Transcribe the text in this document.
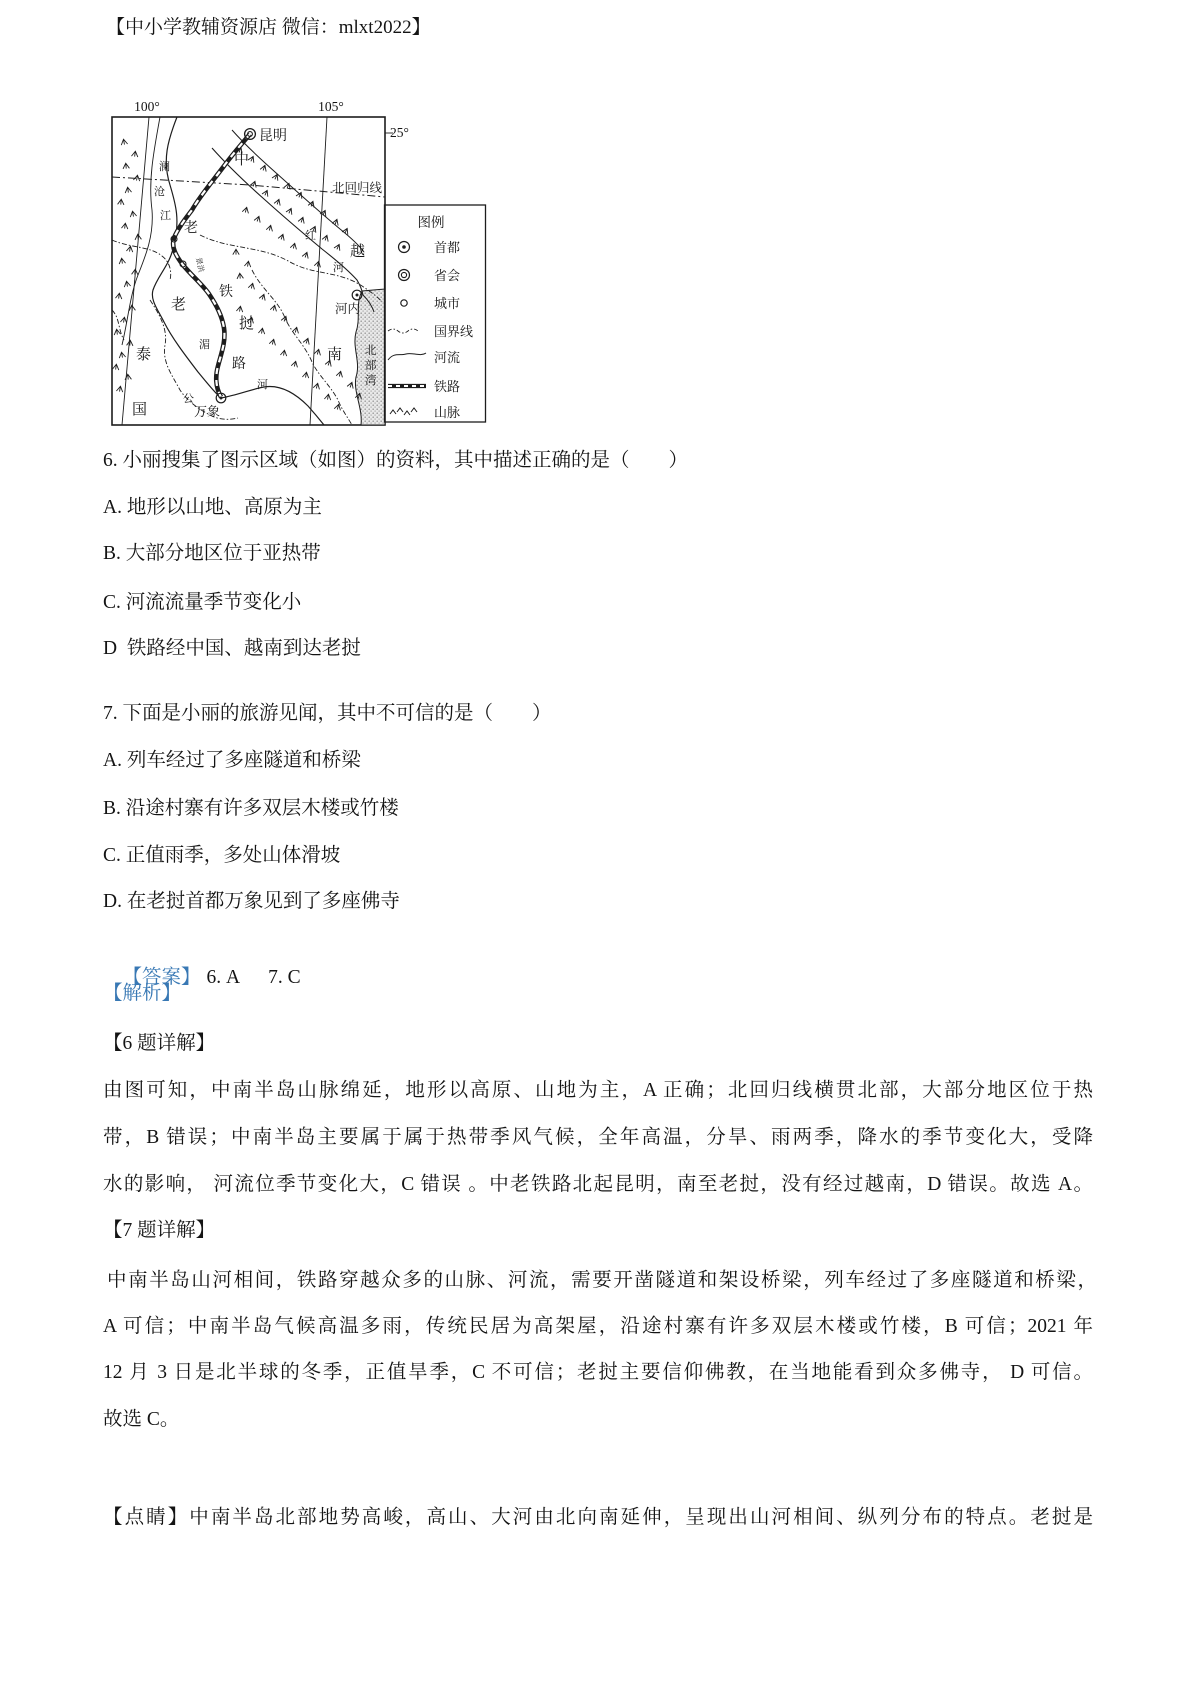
【中小学教辅资源店 微信：mlxt2022】
100°	105°
25°
昆明
中
北回归线
澜
沧
江
老
铁
路
红
河
越
南
河内
老
挝
泰
国
湄
公
河
景洪
万象
北
部
湾
图例
首都
省会
城市
国界线
河流
铁路
山脉
6. 小丽搜集了图示区域（如图）的资料，其中描述正确的是（　　）
A. 地形以山地、高原为主
B. 大部分地区位于亚热带
C. 河流流量季节变化小
D  铁路经中国、越南到达老挝
7. 下面是小丽的旅游见闻，其中不可信的是（　　）
A. 列车经过了多座隧道和桥梁
B. 沿途村寨有许多双层木楼或竹楼
C. 正值雨季，多处山体滑坡
D. 在老挝首都万象见到了多座佛寺

【答案】 6. A 7. C

【解析】
【6 题详解】
由图可知，中南半岛山脉绵延，地形以高原、山地为主，A 正确；北回归线横贯北部，大部分地区位于热
带，B 错误；中南半岛主要属于属于热带季风气候，全年高温，分旱、雨两季，降水的季节变化大，受降
水的影响， 河流位季节变化大，C 错误 。中老铁路北起昆明，南至老挝，没有经过越南，D 错误。故选 A。
【7 题详解】
中南半岛山河相间，铁路穿越众多的山脉、河流，需要开凿隧道和架设桥梁，列车经过了多座隧道和桥梁，
A 可信；中南半岛气候高温多雨，传统民居为高架屋，沿途村寨有许多双层木楼或竹楼，B 可信；2021 年
12 月 3 日是北半球的冬季，正值旱季，C 不可信；老挝主要信仰佛教，在当地能看到众多佛寺， D 可信。
故选 C。
【点睛】中南半岛北部地势高峻，高山、大河由北向南延伸，呈现出山河相间、纵列分布的特点。老挝是
